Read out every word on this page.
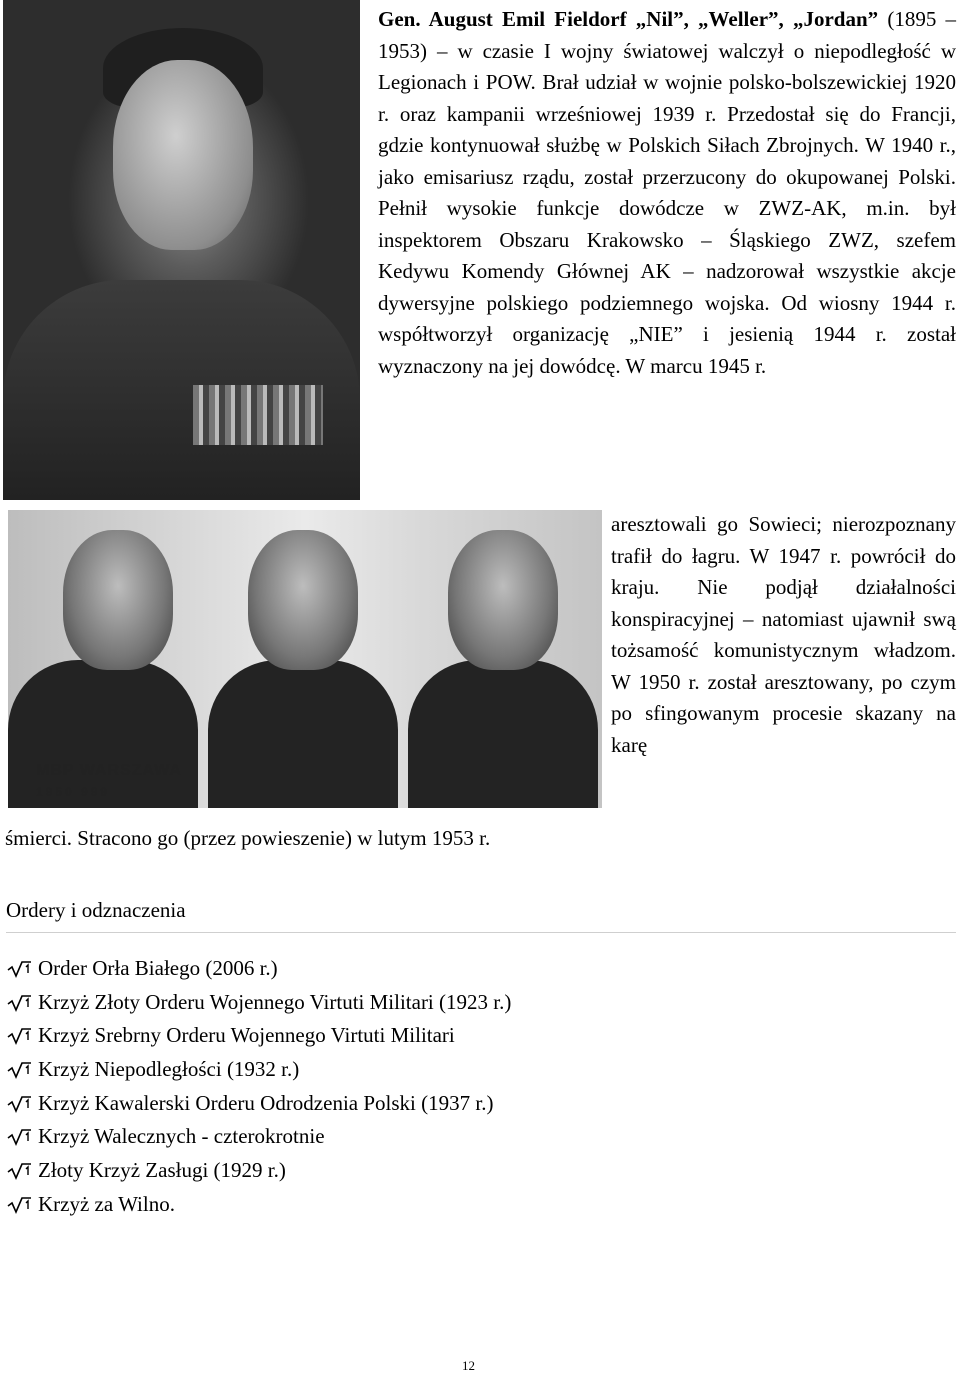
MBP WARSZAWA
1950 999
Gen. August Emil Fieldorf „Nil”, „Weller”, „Jordan” (1895 – 1953) – w czasie I wojny światowej walczył o niepodległość w Legionach i POW. Brał udział w wojnie polsko-bolszewickiej 1920 r. oraz kampanii wrześniowej 1939 r. Przedostał się do Francji, gdzie kontynuował służbę w Polskich Siłach Zbrojnych. W 1940 r., jako emisariusz rządu, został przerzucony do okupowanej Polski. Pełnił wysokie funkcje dowódcze w ZWZ-AK, m.in. był inspektorem Obszaru Krakowsko – Śląskiego ZWZ, szefem Kedywu Komendy Głównej AK – nadzorował wszystkie akcje dywersyjne polskiego podziemnego wojska. Od wiosny 1944 r. współtworzył organizację „NIE” i jesienią 1944 r. został wyznaczony na jej dowódcę. W marcu 1945 r.
aresztowali go Sowieci; nierozpoznany trafił do łagru. W 1947 r. powrócił do kraju. Nie podjął działalności konspiracyjnej – natomiast ujawnił swą tożsamość komunistycznym władzom. W 1950 r. został aresztowany, po czym po sfingowanym procesie skazany na karę
śmierci. Stracono go (przez powieszenie) w lutym 1953 r.
Ordery i odznaczenia
Order Orła Białego (2006 r.)
Krzyż Złoty Orderu Wojennego Virtuti Militari (1923 r.)
Krzyż Srebrny Orderu Wojennego Virtuti Militari
Krzyż Niepodległości (1932 r.)
Krzyż Kawalerski Orderu Odrodzenia Polski (1937 r.)
Krzyż Walecznych - czterokrotnie
Złoty Krzyż Zasługi (1929 r.)
Krzyż za Wilno.
12
